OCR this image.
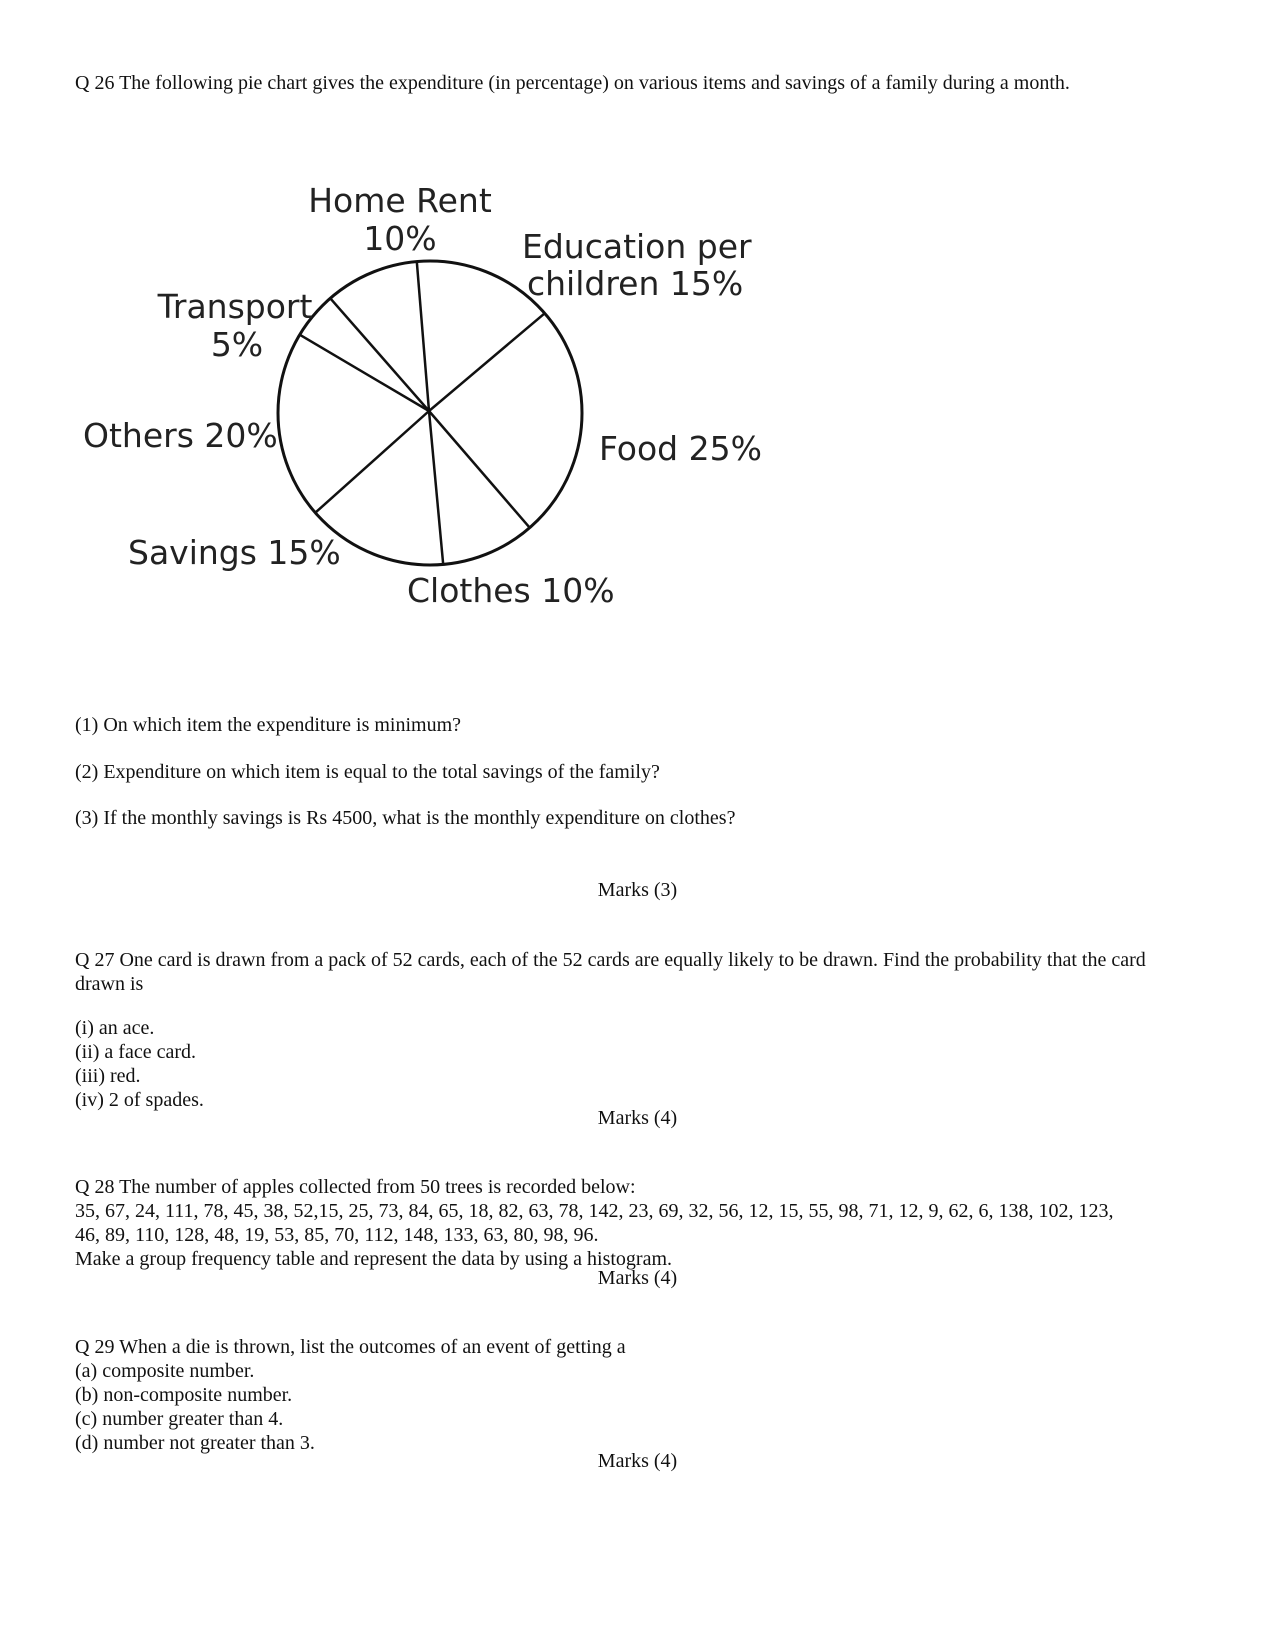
Q 26 The following pie chart gives the expenditure (in percentage) on various items and savings of a family during a month.
Home Rent
10%	Education per
children 15%
Transport
5%
Others 20%	Food 25%
Savings 15%
Clothes 10%
(1) On which item the expenditure is minimum?
(2) Expenditure on which item is equal to the total savings of the family?
(3) If the monthly savings is Rs 4500, what is the monthly expenditure on clothes?
Marks (3)
Q 27 One card is drawn from a pack of 52 cards, each of the 52 cards are equally likely to be drawn. Find the probability that the card
drawn is
(i) an ace.
(ii) a face card.
(iii) red.
(iv) 2 of spades.
Marks (4)
Q 28 The number of apples collected from 50 trees is recorded below:
35, 67, 24, 111, 78, 45, 38, 52,15, 25, 73, 84, 65, 18, 82, 63, 78, 142, 23, 69, 32, 56, 12, 15, 55, 98, 71, 12, 9, 62, 6, 138, 102, 123,
46, 89, 110, 128, 48, 19, 53, 85, 70, 112, 148, 133, 63, 80, 98, 96.
Make a group frequency table and represent the data by using a histogram.
Marks (4)
Q 29 When a die is thrown, list the outcomes of an event of getting a
(a) composite number.
(b) non-composite number.
(c) number greater than 4.
(d) number not greater than 3.
Marks (4)
